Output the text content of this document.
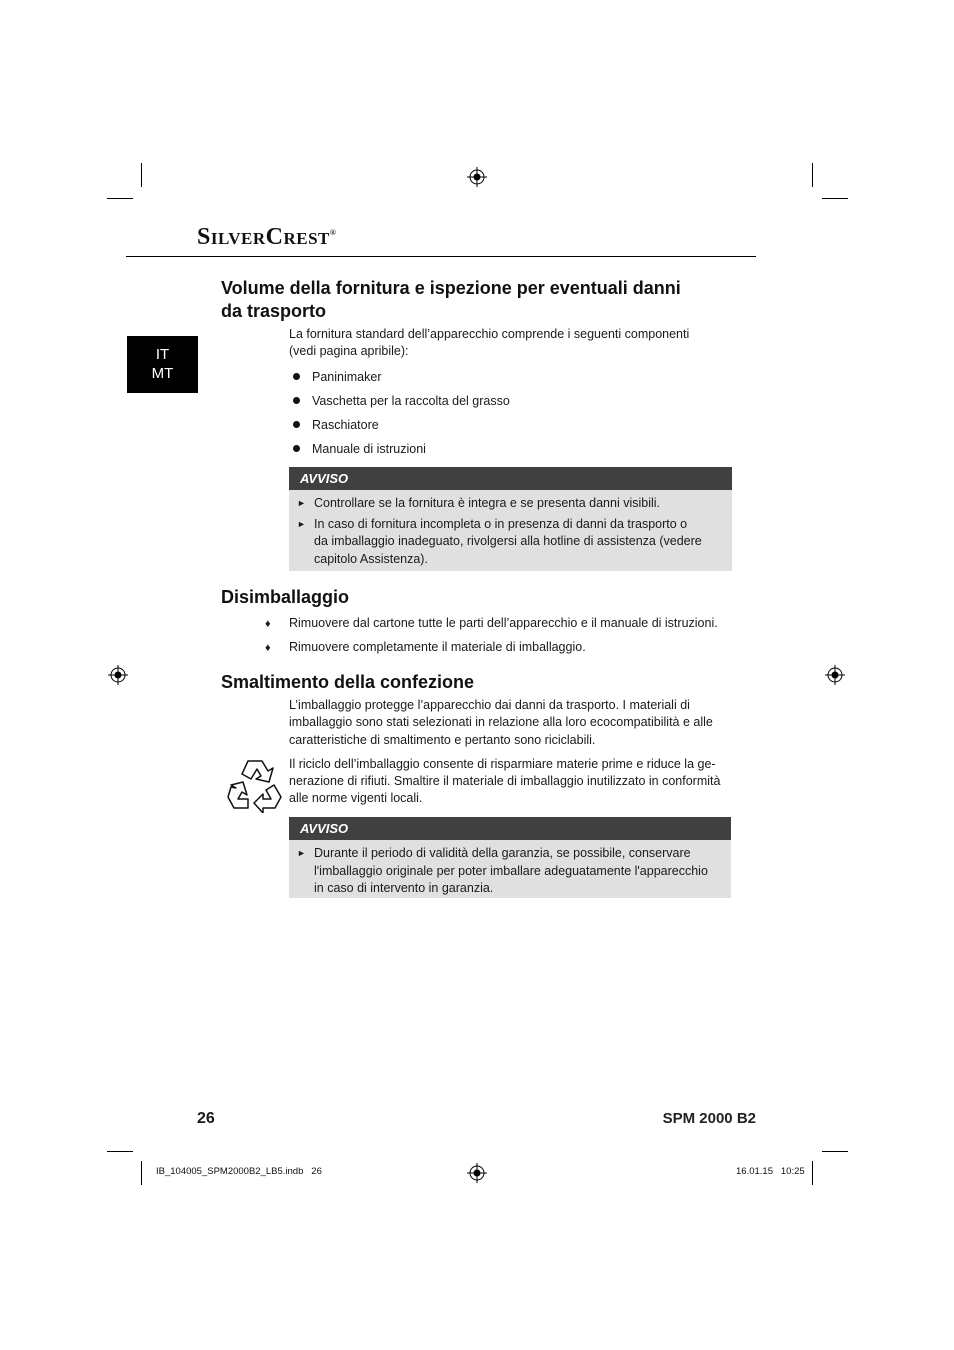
SilverCrest®
IT
MT
Volume della fornitura e ispezione per eventuali danni
da trasporto
La fornitura standard dell’apparecchio comprende i seguenti componenti
(vedi pagina apribile):
Paninimaker
Vaschetta per la raccolta del grasso
Raschiatore
Manuale di istruzioni
AVVISO
► Controllare se la fornitura è integra e se presenta danni visibili.
► In caso di fornitura incompleta o in presenza di danni da trasporto o
da imballaggio inadeguato, rivolgersi alla hotline di assistenza (vedere
capitolo Assistenza).
Disimballaggio
♦ Rimuovere dal cartone tutte le parti dell’apparecchio e il manuale di istruzioni.
♦ Rimuovere completamente il materiale di imballaggio.
Smaltimento della confezione
L’imballaggio protegge l’apparecchio dai danni da trasporto. I materiali di
imballaggio sono stati selezionati in relazione alla loro ecocompatibilità e alle
caratteristiche di smaltimento e pertanto sono riciclabili.
Il riciclo dell’imballaggio consente di risparmiare materie prime e riduce la ge-
nerazione di rifiuti. Smaltire il materiale di imballaggio inutilizzato in conformità
alle norme vigenti locali.
AVVISO
► Durante il periodo di validità della garanzia, se possibile, conservare
l'imballaggio originale per poter imballare adeguatamente l'apparecchio
in caso di intervento in garanzia.
26	SPM 2000 B2
IB_104005_SPM2000B2_LB5.indb   26	16.01.15   10:25
